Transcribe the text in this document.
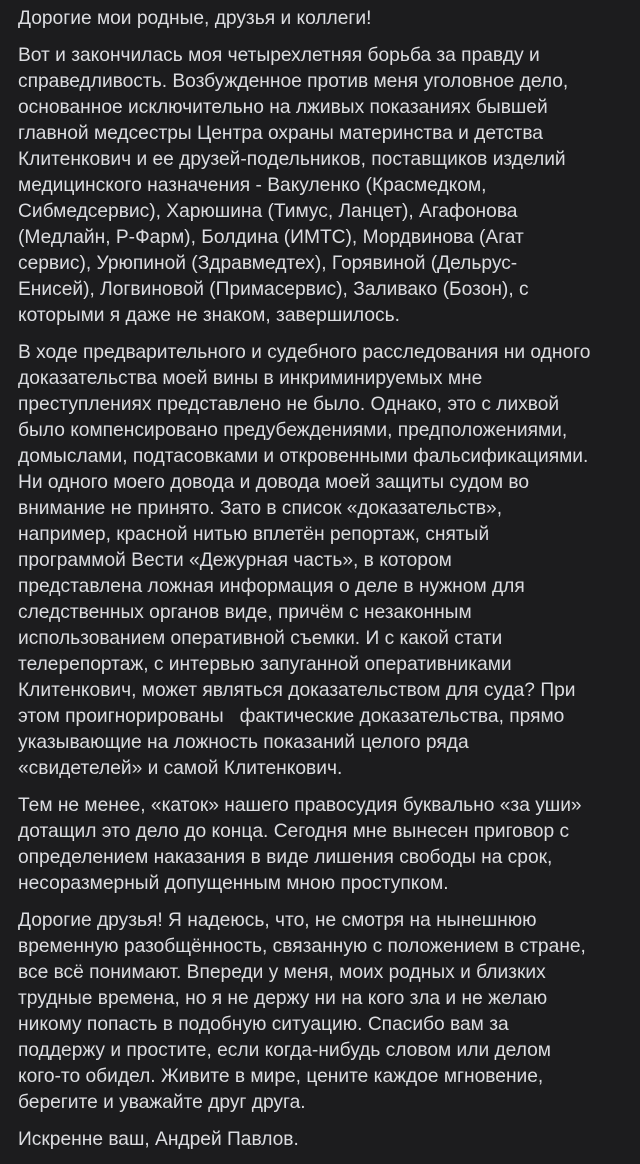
Дорогие мои родные, друзья и коллеги!

Вот и закончилась моя четырехлетняя борьба за правду и
справедливость. Возбужденное против меня уголовное дело,
основанное исключительно на лживых показаниях бывшей
главной медсестры Центра охраны материнства и детства
Клитенкович и ее друзей-подельников, поставщиков изделий
медицинского назначения - Вакуленко (Красмедком,
Сибмедсервис), Харюшина (Тимус, Ланцет), Агафонова
(Медлайн, Р-Фарм), Болдина (ИМТС), Мордвинова (Агат
сервис), Урюпиной (Здравмедтех), Горявиной (Дельрус-
Енисей), Логвиновой (Примасервис), Заливако (Бозон), с
которыми я даже не знаком, завершилось.

В ходе предварительного и судебного расследования ни одного
доказательства моей вины в инкриминируемых мне
преступлениях представлено не было. Однако, это с лихвой
было компенсировано предубеждениями, предположениями,
домыслами, подтасовками и откровенными фальсификациями.
Ни одного моего довода и довода моей защиты судом во
внимание не принято. Зато в список «доказательств»,
например, красной нитью вплетён репортаж, снятый
программой Вести «Дежурная часть», в котором
представлена ложная информация о деле в нужном для
следственных органов виде, причём с незаконным
использованием оперативной съемки. И с какой стати
телерепортаж, с интервью запуганной оперативниками
Клитенкович, может являться доказательством для суда? При
этом проигнорированы   фактические доказательства, прямо
указывающие на ложность показаний целого ряда
«свидетелей» и самой Клитенкович.

Тем не менее, «каток» нашего правосудия буквально «за уши»
дотащил это дело до конца. Сегодня мне вынесен приговор с
определением наказания в виде лишения свободы на срок,
несоразмерный допущенным мною проступком.

Дорогие друзья! Я надеюсь, что, не смотря на нынешнюю
временную разобщённость, связанную с положением в стране,
все всё понимают. Впереди у меня, моих родных и близких
трудные времена, но я не держу ни на кого зла и не желаю
никому попасть в подобную ситуацию. Спасибо вам за
поддержу и простите, если когда-нибудь словом или делом
кого-то обидел. Живите в мире, цените каждое мгновение,
берегите и уважайте друг друга.

Искренне ваш, Андрей Павлов.
